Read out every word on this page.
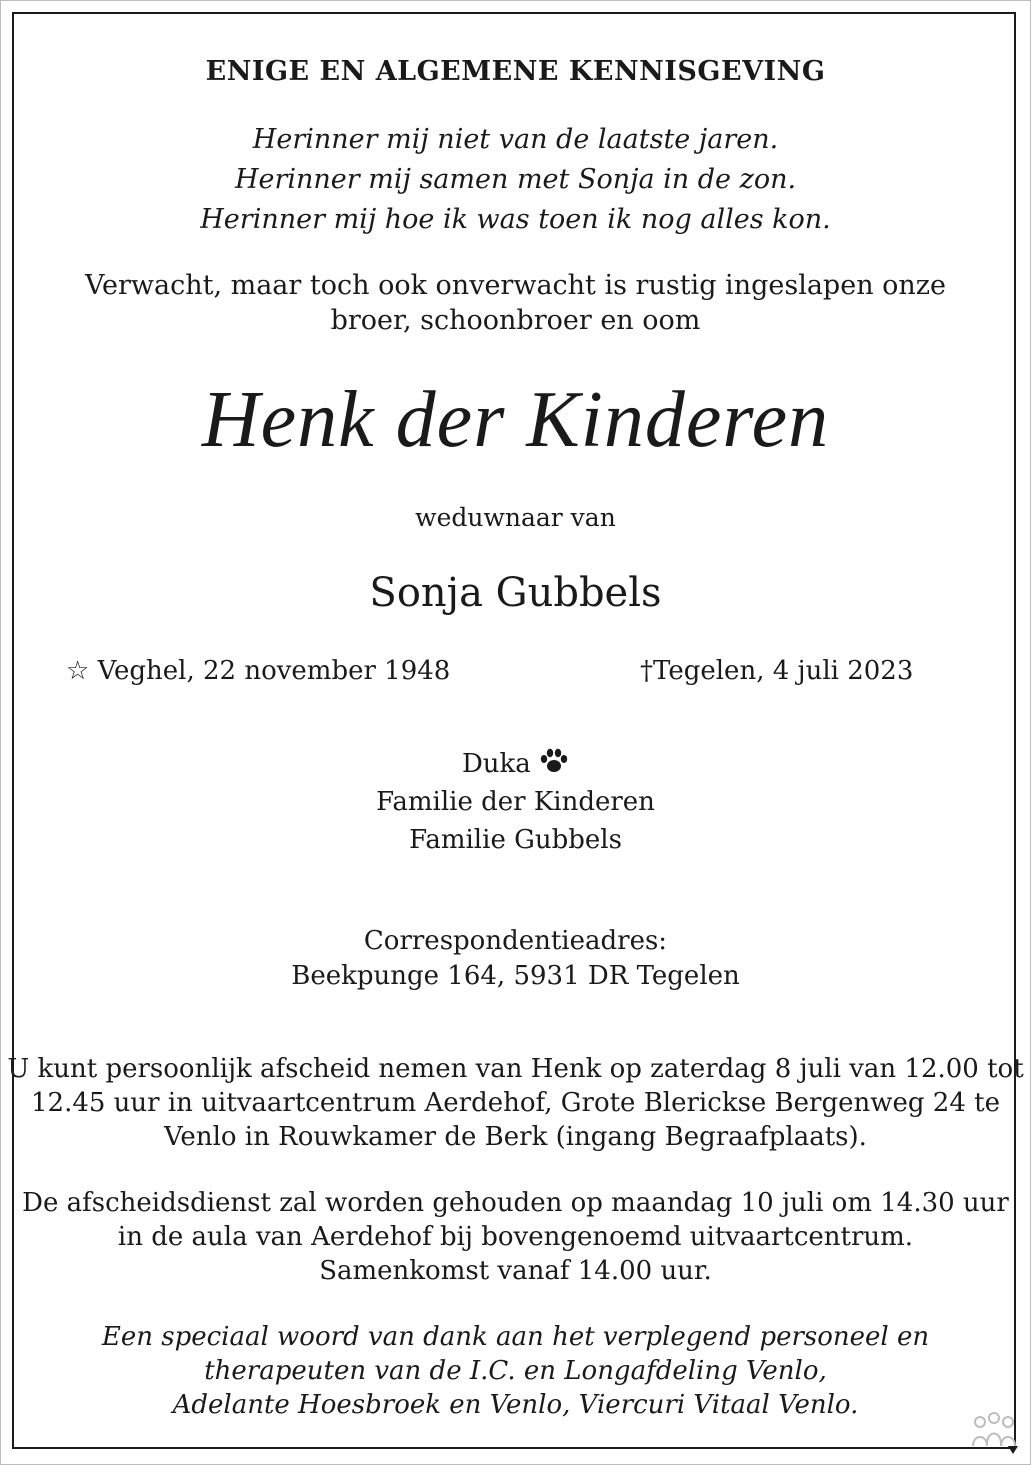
ENIGE EN ALGEMENE KENNISGEVING
Herinner mij niet van de laatste jaren.
Herinner mij samen met Sonja in de zon.
Herinner mij hoe ik was toen ik nog alles kon.
Verwacht, maar toch ook onverwacht is rustig ingeslapen onze
broer, schoonbroer en oom
Henk der Kinderen
weduwnaar van
Sonja Gubbels
☆ Veghel, 22 november 1948	†Tegelen, 4 juli 2023
Duka
Familie der Kinderen
Familie Gubbels
Correspondentieadres:
Beekpunge 164, 5931 DR Tegelen
U kunt persoonlijk afscheid nemen van Henk op zaterdag 8 juli van 12.00 tot
12.45 uur in uitvaartcentrum Aerdehof, Grote Blerickse Bergenweg 24 te
Venlo in Rouwkamer de Berk (ingang Begraafplaats).
De afscheidsdienst zal worden gehouden op maandag 10 juli om 14.30 uur
in de aula van Aerdehof bij bovengenoemd uitvaartcentrum.
Samenkomst vanaf 14.00 uur.
Een speciaal woord van dank aan het verplegend personeel en
therapeuten van de I.C. en Longafdeling Venlo,
Adelante Hoesbroek en Venlo, Viercuri Vitaal Venlo.
